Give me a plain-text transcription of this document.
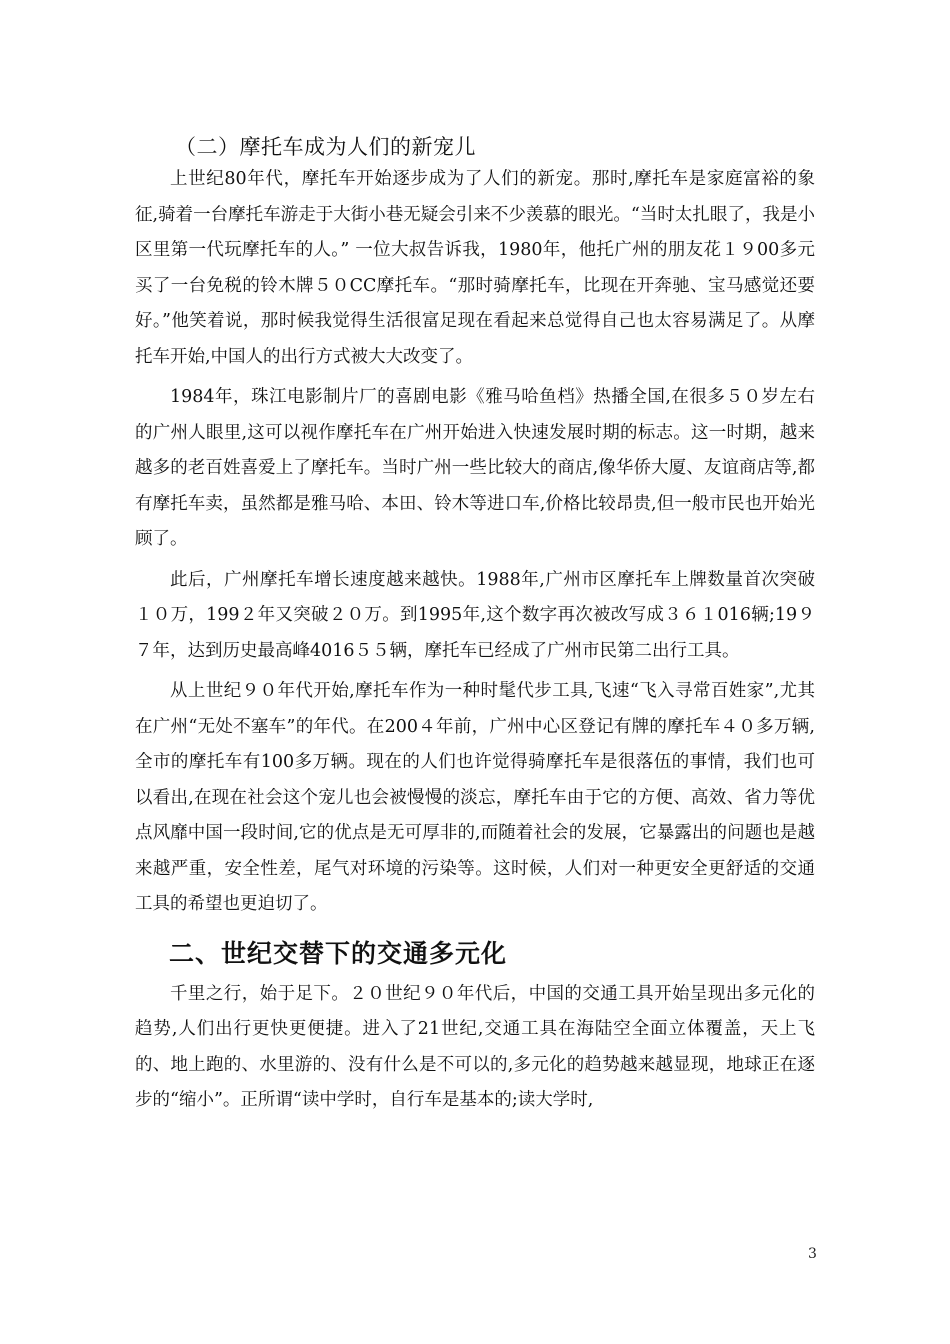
（二）摩托车成为人们的新宠儿

上世纪80年代，摩托车开始逐步成为了人们的新宠。那时,摩托车是家庭富裕的象征,骑着一台摩托车游走于大街小巷无疑会引来不少羡慕的眼光。“当时太扎眼了，我是小区里第一代玩摩托车的人。” 一位大叔告诉我，1980年，他托广州的朋友花１９00多元买了一台免税的铃木牌５０CC摩托车。“那时骑摩托车，比现在开奔驰、宝马感觉还要好。”他笑着说，那时候我觉得生活很富足现在看起来总觉得自己也太容易满足了。从摩托车开始,中国人的出行方式被大大改变了。

1984年，珠江电影制片厂的喜剧电影《雅马哈鱼档》热播全国,在很多５０岁左右的广州人眼里,这可以视作摩托车在广州开始进入快速发展时期的标志。这一时期，越来越多的老百姓喜爱上了摩托车。当时广州一些比较大的商店,像华侨大厦、友谊商店等,都有摩托车卖，虽然都是雅马哈、本田、铃木等进口车,价格比较昂贵,但一般市民也开始光顾了。

此后，广州摩托车增长速度越来越快。1988年,广州市区摩托车上牌数量首次突破１０万，199２年又突破２０万。到1995年,这个数字再次被改写成３６１016辆;19９７年，达到历史最高峰4016５５辆，摩托车已经成了广州市民第二出行工具。

从上世纪９０年代开始,摩托车作为一种时髦代步工具,飞速“飞入寻常百姓家”,尤其在广州“无处不塞车”的年代。在200４年前，广州中心区登记有牌的摩托车４０多万辆,全市的摩托车有100多万辆。现在的人们也许觉得骑摩托车是很落伍的事情，我们也可以看出,在现在社会这个宠儿也会被慢慢的淡忘，摩托车由于它的方便、高效、省力等优点风靡中国一段时间,它的优点是无可厚非的,而随着社会的发展，它暴露出的问题也是越来越严重，安全性差，尾气对环境的污染等。这时候，人们对一种更安全更舒适的交通工具的希望也更迫切了。

二、世纪交替下的交通多元化

千里之行，始于足下。２０世纪９０年代后，中国的交通工具开始呈现出多元化的趋势,人们出行更快更便捷。进入了21世纪,交通工具在海陆空全面立体覆盖，天上飞的、地上跑的、水里游的、没有什么是不可以的,多元化的趋势越来越显现，地球正在逐步的“缩小”。正所谓“读中学时，自行车是基本的;读大学时,

3
